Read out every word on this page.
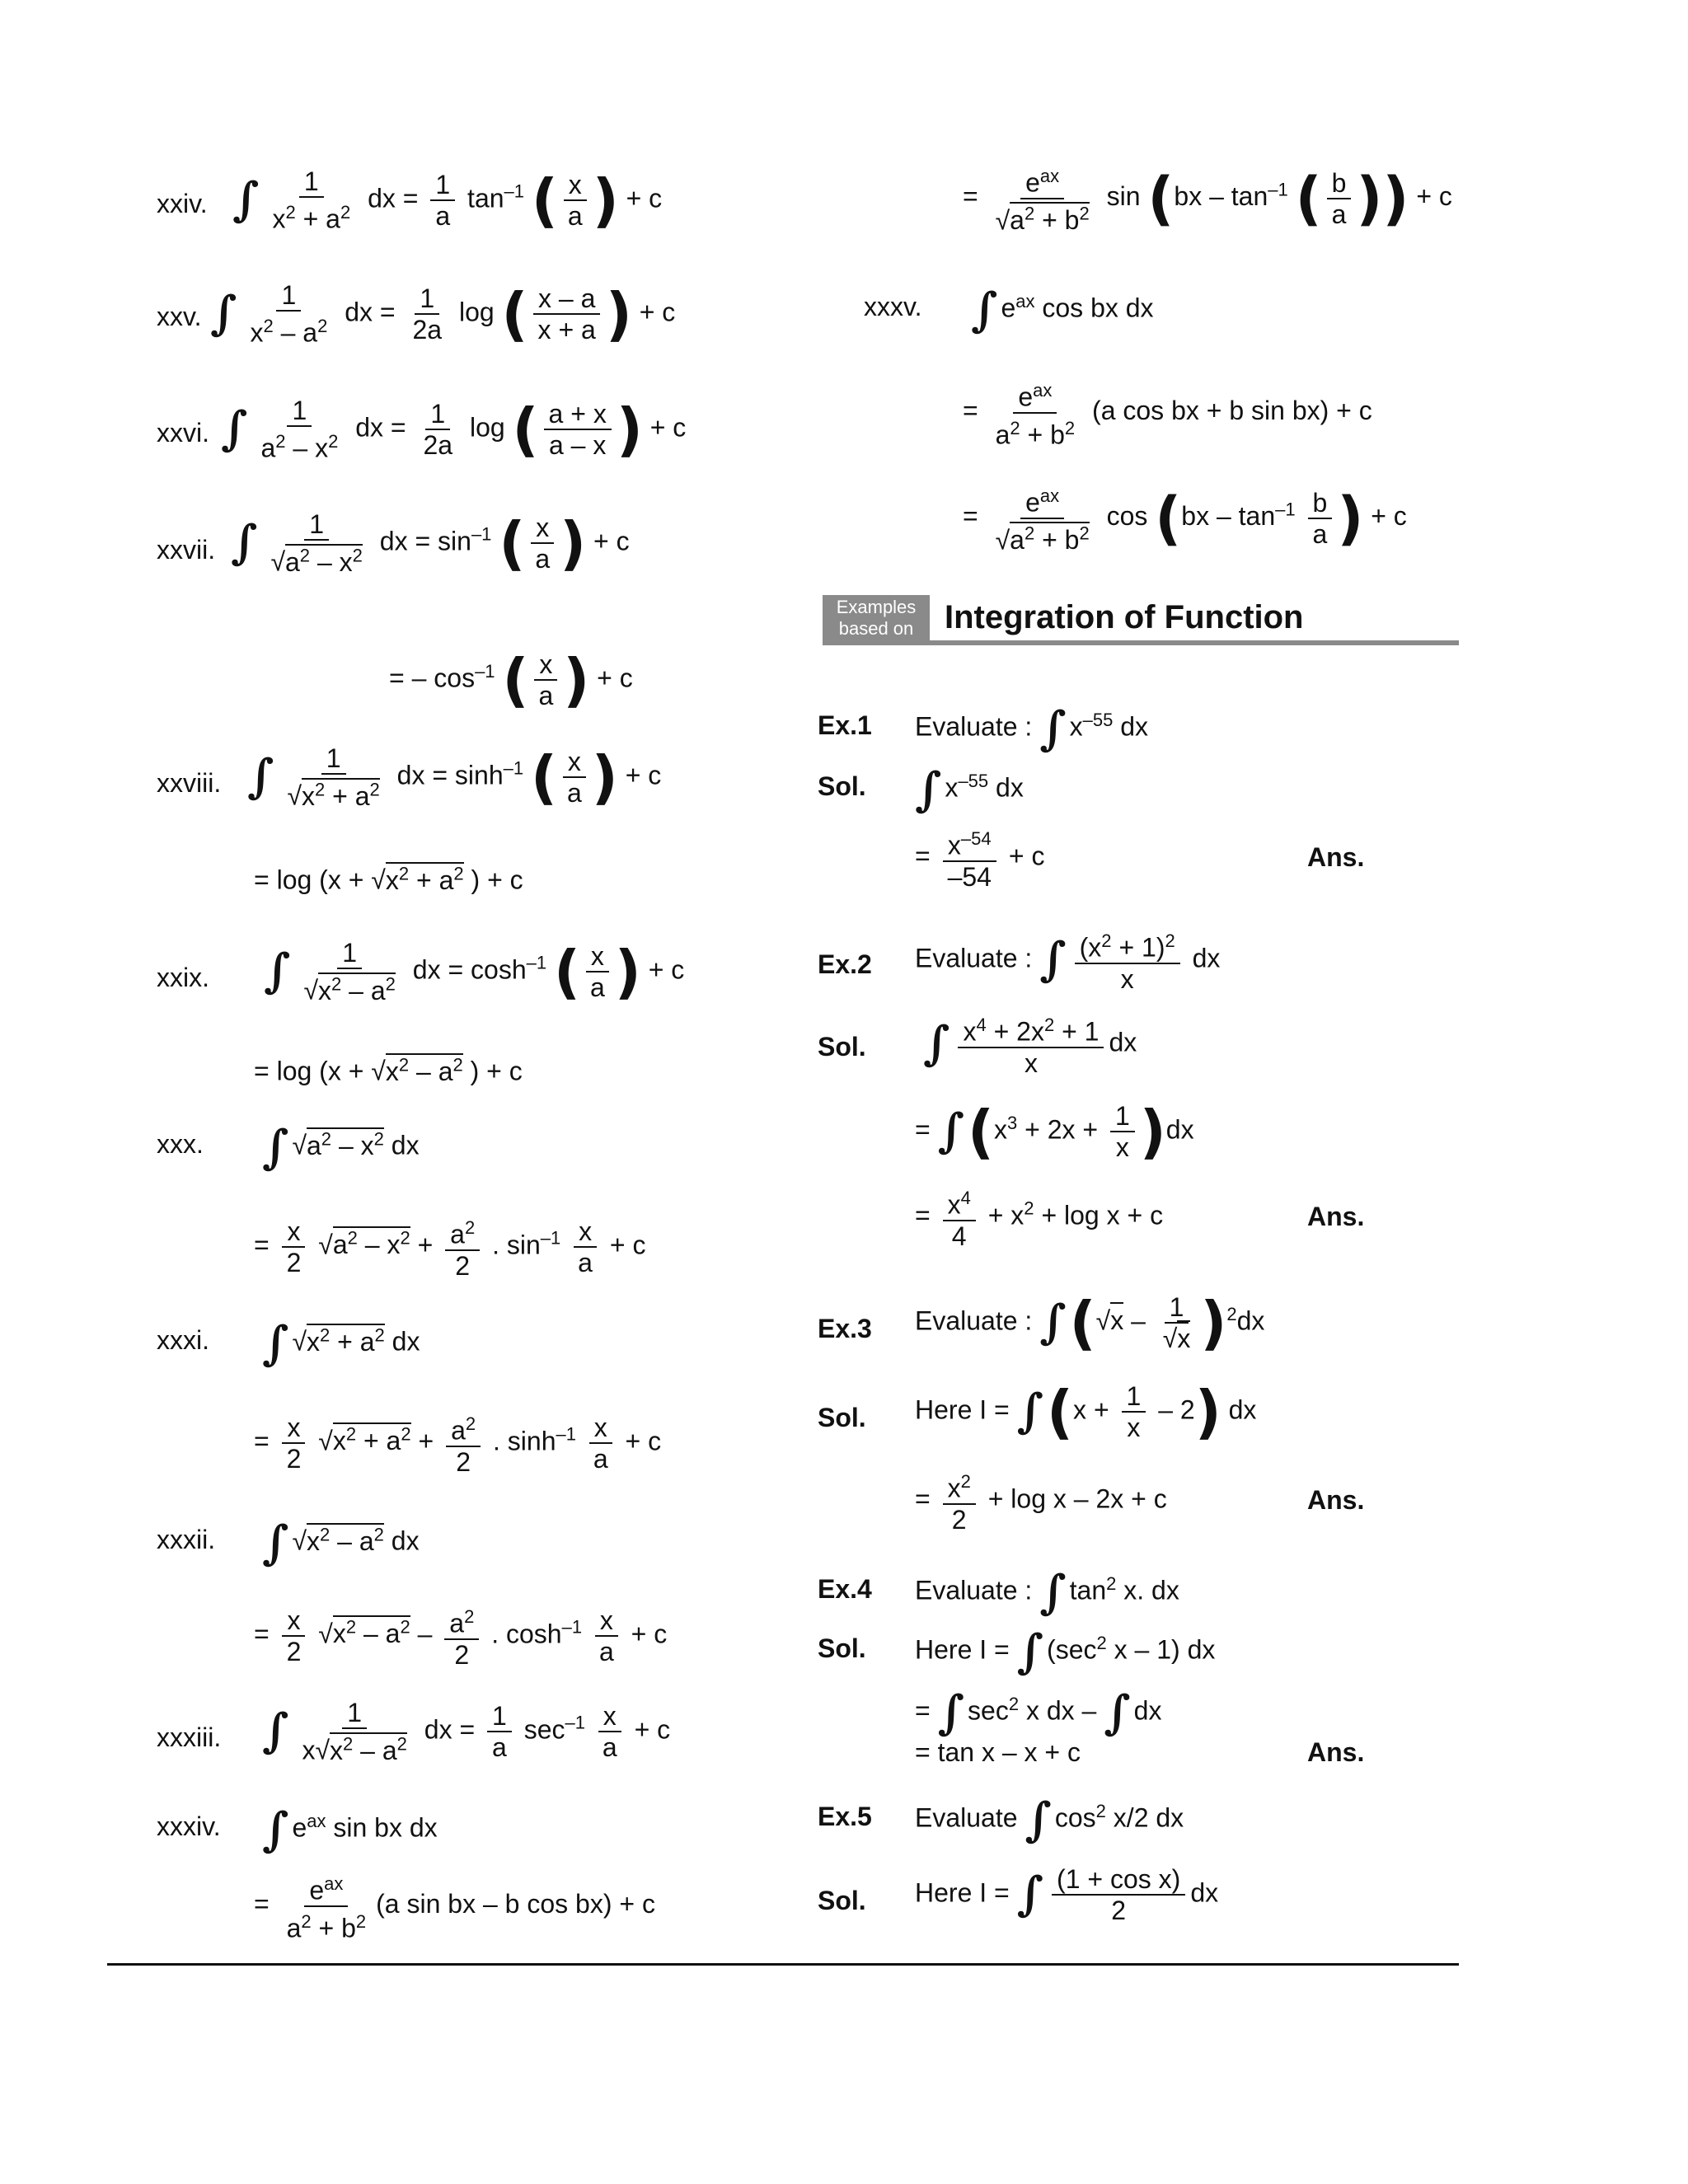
xxiv. ∫ $\frac{1}{x^2 + a^2}$ dx = $\frac{1}{a} \tan^{-1}$ ( $\frac{x}{a}$ ) + c
xxv. ∫ $\frac{1}{x^2 - a^2}$ dx = $\frac{1}{2a}$ log ( $\frac{x - a}{x + a}$ ) + c
xxvi. ∫ $\frac{1}{a^2 - x^2}$ dx = $\frac{1}{2a}$ log ( $\frac{a + x}{a - x}$ ) + c
xxvii. ∫ $\frac{1}{√a^2 - x^2}$ dx = $\sin^{-1}$ ( $\frac{x}{a}$ ) + c
= – $\cos^{-1}$ ( $\frac{x}{a}$ ) + c
xxviii. ∫ $\frac{1}{√x^2 + a^2}$ dx = $\sinh^{-1}$ ( $\frac{x}{a}$ ) + c
= $\log (x + √x^2 + a^2$ ) + c
xxix. ∫ $\frac{1}{√x^2 - a^2}$ dx = $\cosh^{-1}$ ( $\frac{x}{a}$ ) + c
= $\log (x + √x^2 - a^2$ ) + c
xxx. ∫ $√a^2 - x^2$ dx
= $\frac{x}{2} √a^2 - x^2 + \frac{a^2}{2}$ . $\sin^{-1} \frac{x}{a} + c$
xxxi. ∫ $√x^2 + a^2$ dx
= $\frac{x}{2} √x^2 + a^2 + \frac{a^2}{2}$ . $\sinh^{-1} \frac{x}{a} + c$
xxxii. ∫ $√x^2 - a^2$ dx
= $\frac{x}{2} √x^2 - a^2 - \frac{a^2}{2}$ . $\cosh^{-1} \frac{x}{a} + c$
xxxiii. ∫ $\frac{1}{x√x^2 - a^2}$ dx = $\frac{1}{a} \sec^{-1} \frac{x}{a} + c$
xxxiv. ∫ $e^{ax}$ sin bx dx
= $\frac{e^{ax}}{a^2 + b^2} (a$ sin bx – b cos bx) + c
= $\frac{e^{ax}}{√a^2 + b^2}$ $\sin (bx - \tan^{-1}$ ( $\frac{b}{a}$ )) + c
xxxv. ∫ $e^{ax}$ cos bx dx
= $\frac{e^{ax}}{a^2 + b^2} (a$ cos bx + b sin bx) + c
= $\frac{e^{ax}}{√a^2 + b^2}$ $\cos (bx - \tan^{-1} \frac{b}{a}$ ) + c
Examples
based on Integration of Function
Ex.1 Evaluate : ∫ $x^{-55}$ dx
Sol. ∫ $x^{-55}$ dx
= $\frac{x^{-54}}{-54} + c$	Ans.
Ex.2 Evaluate : ∫ $\frac{(x^2 + 1)^2}{x}$ dx
Sol. ∫ $\frac{x^4 + 2x^2 + 1}{x}$ dx
= $\int(x^3 + 2x + \frac{1}{x} )dx$
= $\frac{x^4}{4} + x^2 + \log x + c$	Ans.
Ex.3 Evaluate : $\int(√x - \frac{1}{√x} )^2dx$
Sol. Here $I = \int(x + \frac{1}{x} - 2)$ dx
= $\frac{x^2}{2} + \log x - 2x + c$	Ans.
Ex.4 Evaluate : ∫ $\tan^2 x$. dx
Sol. Here I = ∫ ($\sec^2$ x – 1) dx
= ∫ $\sec^2 x$ dx – ∫ dx
= tan x – x + c	Ans.
Ex.5 Evaluate ∫ $\cos^2 x/2$ dx
Sol. Here I = ∫ $\frac{\text{(1 + cos x)}}{2}$ dx
